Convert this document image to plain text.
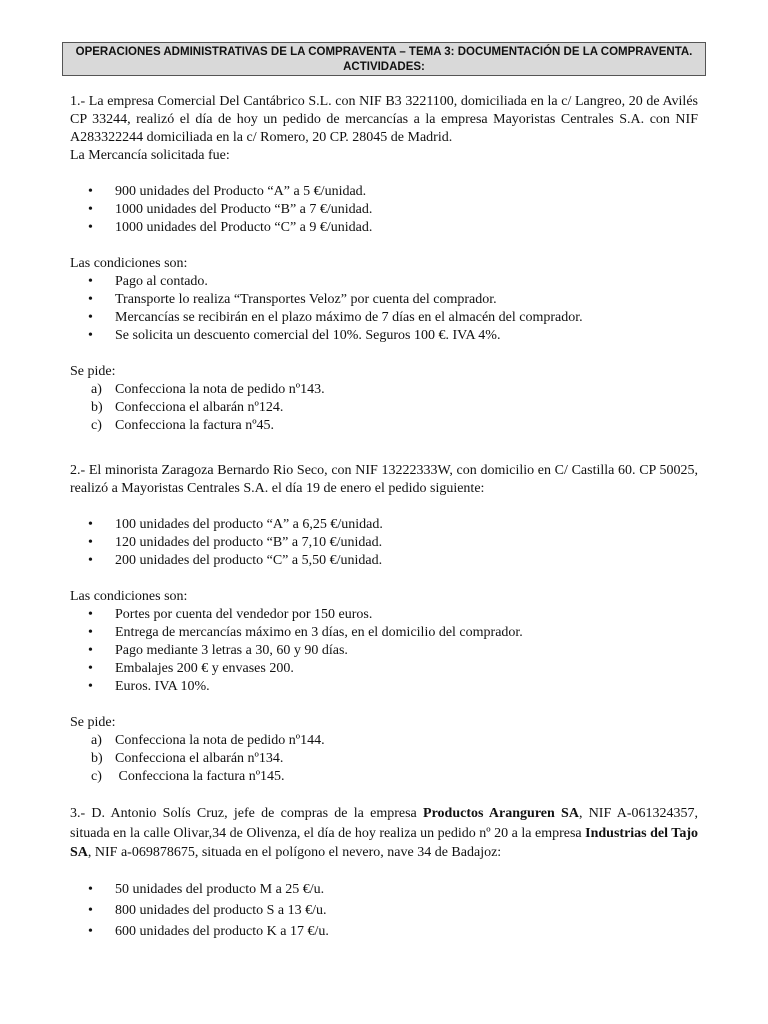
OPERACIONES ADMINISTRATIVAS DE LA COMPRAVENTA – TEMA 3: DOCUMENTACIÓN DE LA COMPRAVENTA.
ACTIVIDADES:

1.- La empresa Comercial Del Cantábrico S.L. con NIF B3 3221100, domiciliada en la c/ Langreo, 20 de Avilés CP 33244, realizó el día de hoy un pedido de mercancías a la empresa Mayoristas Centrales S.A. con NIF A283322244 domiciliada en la c/ Romero, 20 CP. 28045 de Madrid.

La Mercancía solicitada fue:

• 900 unidades del Producto “A” a 5 €/unidad.
• 1000 unidades del Producto “B” a 7 €/unidad.
• 1000 unidades del Producto “C” a 9 €/unidad.

Las condiciones son:

• Pago al contado.
• Transporte lo realiza “Transportes Veloz” por cuenta del comprador.
• Mercancías se recibirán en el plazo máximo de 7 días en el almacén del comprador.
• Se solicita un descuento comercial del 10%. Seguros 100 €. IVA 4%.

Se pide:

a) Confecciona la nota de pedido nº143.
b) Confecciona el albarán nº124.
c) Confecciona la factura nº45.

2.- El minorista Zaragoza Bernardo Rio Seco, con NIF 13222333W, con domicilio en C/ Castilla 60. CP 50025, realizó a Mayoristas Centrales S.A. el día 19 de enero el pedido siguiente:

• 100 unidades del producto “A” a 6,25 €/unidad.
• 120 unidades del producto “B” a 7,10 €/unidad.
• 200 unidades del producto “C” a 5,50 €/unidad.

Las condiciones son:

• Portes por cuenta del vendedor por 150 euros.
• Entrega de mercancías máximo en 3 días, en el domicilio del comprador.
• Pago mediante 3 letras a 30, 60 y 90 días.
• Embalajes 200 € y envases 200.
• Euros. IVA 10%.

Se pide:

a) Confecciona la nota de pedido nº144.
b) Confecciona el albarán nº134.
c) Confecciona la factura nº145.

3.- D. Antonio Solís Cruz, jefe de compras de la empresa Productos Aranguren SA, NIF A-061324357, situada en la calle Olivar,34 de Olivenza, el día de hoy realiza un pedido nº 20 a la empresa Industrias del Tajo SA, NIF a-069878675, situada en el polígono el nevero, nave 34 de Badajoz:

• 50 unidades del producto M a 25 €/u.
• 800 unidades del producto S a 13 €/u.
• 600 unidades del producto K a 17 €/u.
